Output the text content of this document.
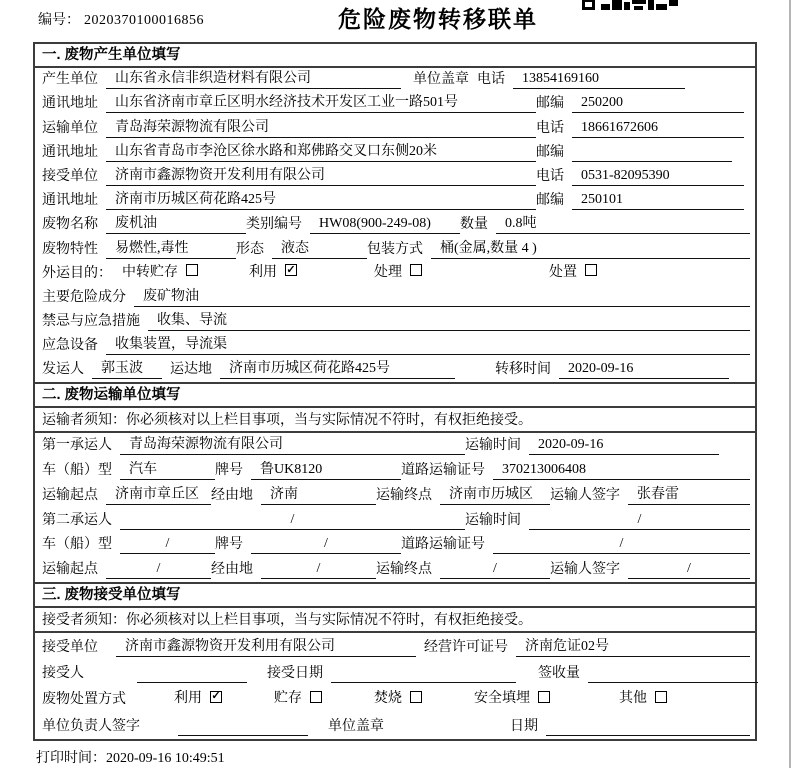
编号： 2020370100016856	危险废物转移联单
一. 废物产生单位填写
产生单位	山东省永信非织造材料有限公司	单位盖章 电话	13854169160
通讯地址	山东省济南市章丘区明水经济技术开发区工业一路501号	邮编	250200
运输单位	青岛海荣源物流有限公司	电话	18661672606
通讯地址	山东省青岛市李沧区徐水路和郑佛路交叉口东侧20米	邮编
接受单位	济南市鑫源物资开发利用有限公司	电话	0531-82095390
通讯地址	济南市历城区荷花路425号	邮编	250101
废物名称	废机油	类别编号	HW08(900-249-08)	数量	0.8吨
废物特性	易燃性,毒性	形态	液态	包装方式	桶(金属,数量 4 )
外运目的： 中转贮存	利用 ✓	处理	处置
主要危险成分	废矿物油
禁忌与应急措施	收集、导流
应急设备	收集装置，导流渠
发运人	郭玉波	运达地	济南市历城区荷花路425号	转移时间	2020-09-16
二. 废物运输单位填写
运输者须知：你必须核对以上栏目事项，当与实际情况不符时，有权拒绝接受。
第一承运人	青岛海荣源物流有限公司	运输时间	2020-09-16
车（船）型	汽车	牌号	鲁UK8120	道路运输证号	370213006408
运输起点	济南市章丘区 经由地	济南	运输终点	济南市历城区	运输人签字	张春雷
第二承运人	/	运输时间	/
车（船）型	/	牌号	/	道路运输证号	/
运输起点	/	经由地	/	运输终点	/	运输人签字	/
三. 废物接受单位填写
接受者须知：你必须核对以上栏目事项，当与实际情况不符时，有权拒绝接受。
接受单位	济南市鑫源物资开发利用有限公司	经营许可证号	济南危证02号
接受人	接受日期	签收量
废物处置方式	利用 ✓	贮存	焚烧	安全填埋	其他
单位负责人签字	单位盖章	日期
打印时间：2020-09-16 10:49:51
